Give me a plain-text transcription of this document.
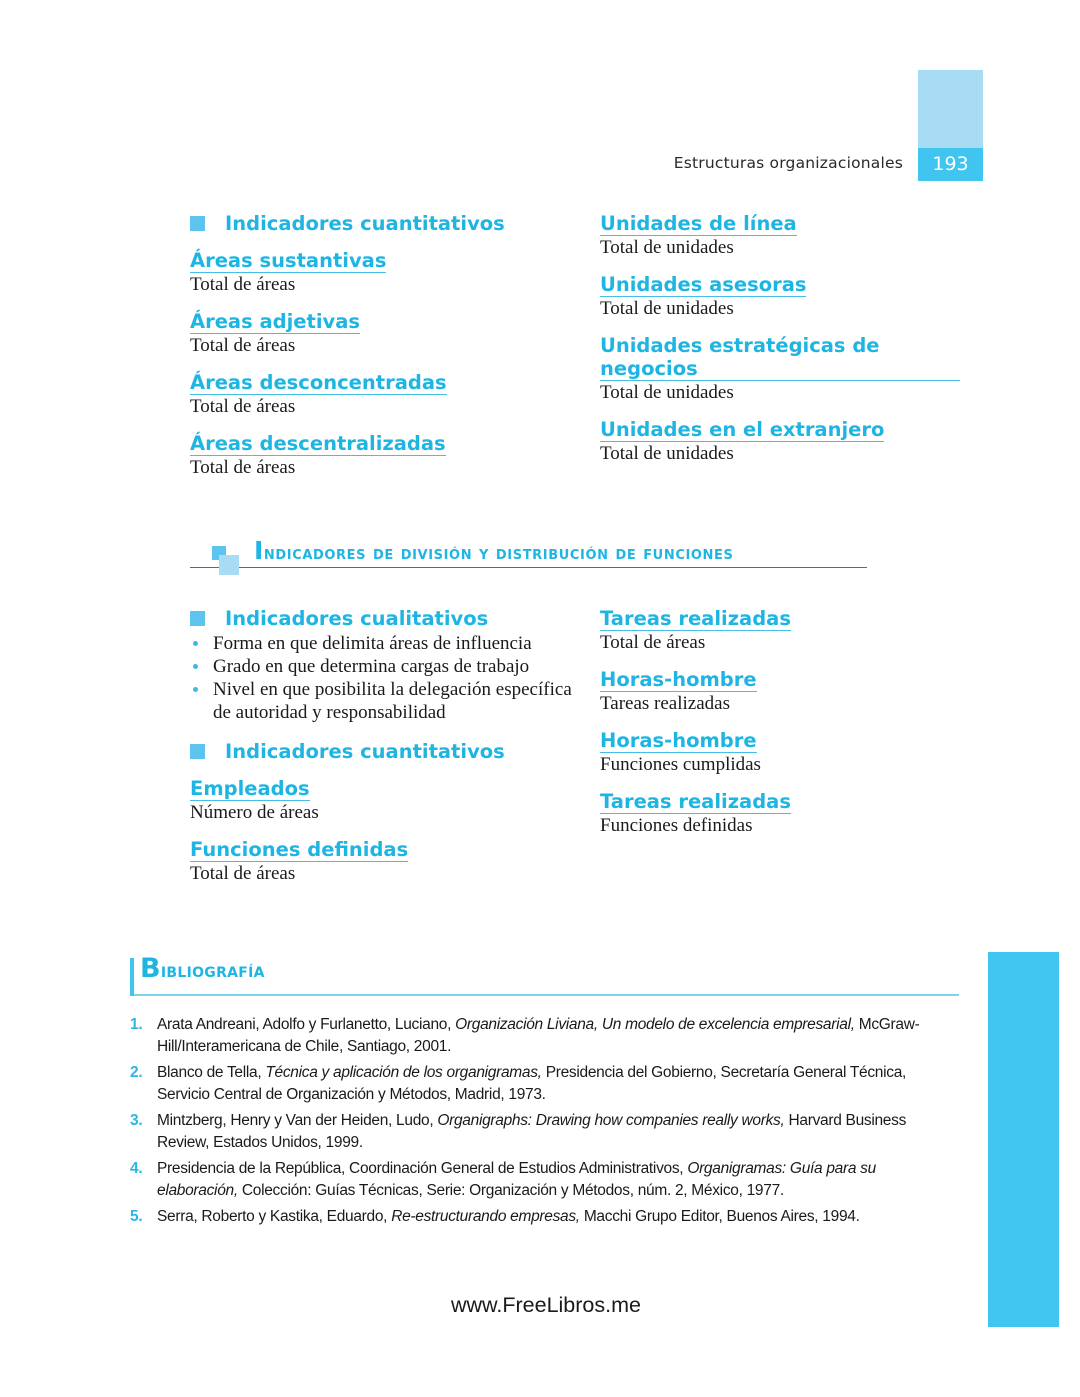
193
Estructuras organizacionales
Indicadores cuantitativos
Áreas sustantivas
Total de áreas
Áreas adjetivas
Total de áreas
Áreas desconcentradas
Total de áreas
Áreas descentralizadas
Total de áreas
Unidades de línea
Total de unidades
Unidades asesoras
Total de unidades
Unidades estratégicas de negocios
Total de unidades
Unidades en el extranjero
Total de unidades
Indicadores de división y distribución de funciones
Indicadores cualitativos
Forma en que delimita áreas de influencia
Grado en que determina cargas de trabajo
Nivel en que posibilita la delegación específica de autoridad y responsabilidad
Indicadores cuantitativos
Empleados
Número de áreas
Funciones definidas
Total de áreas
Tareas realizadas
Total de áreas
Horas-hombre
Tareas realizadas
Horas-hombre
Funciones cumplidas
Tareas realizadas
Funciones definidas
Bibliografía
1. Arata Andreani, Adolfo y Furlanetto, Luciano, Organización Liviana, Un modelo de excelencia empresarial, McGraw-Hill/Interamericana de Chile, Santiago, 2001.
2. Blanco de Tella, Técnica y aplicación de los organigramas, Presidencia del Gobierno, Secretaría General Técnica, Servicio Central de Organización y Métodos, Madrid, 1973.
3. Mintzberg, Henry y Van der Heiden, Ludo, Organigraphs: Drawing how companies really works, Harvard Business Review, Estados Unidos, 1999.
4. Presidencia de la República, Coordinación General de Estudios Administrativos, Organigramas: Guía para su elaboración, Colección: Guías Técnicas, Serie: Organización y Métodos, núm. 2, México, 1977.
5. Serra, Roberto y Kastika, Eduardo, Re-estructurando empresas, Macchi Grupo Editor, Buenos Aires, 1994.
www.FreeLibros.me
